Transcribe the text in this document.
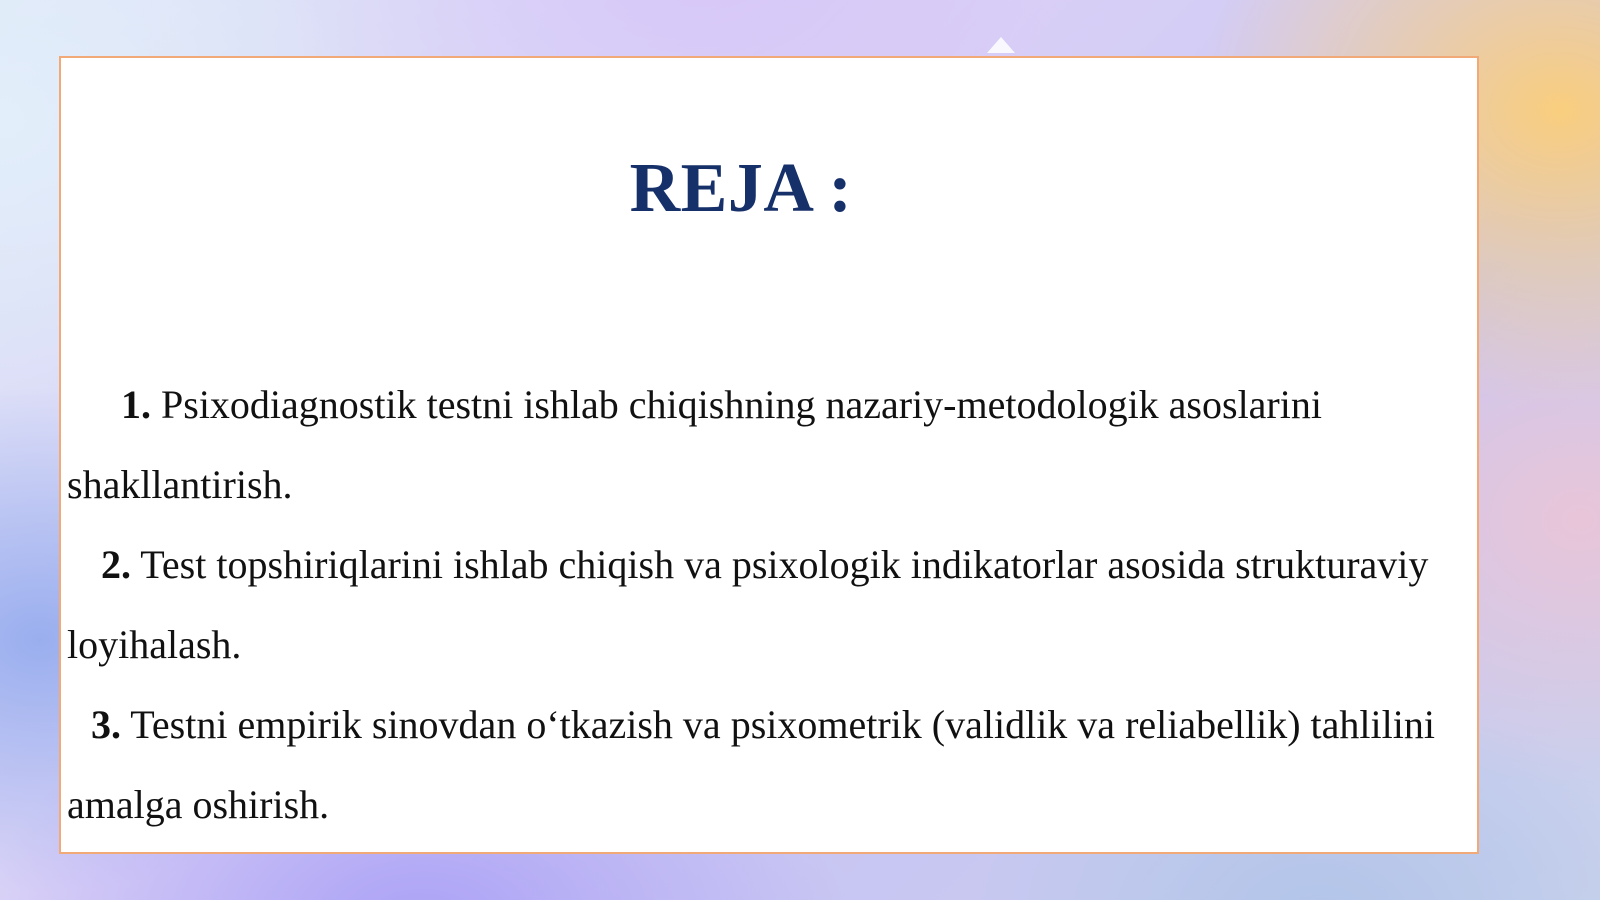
REJA :
1. Psixodiagnostik testni ishlab chiqishning nazariy-metodologik asoslarini shakllantirish.
2. Test topshiriqlarini ishlab chiqish va psixologik indikatorlar asosida strukturaviy loyihalash.
3. Testni empirik sinovdan o‘tkazish va psixometrik (validlik va reliabellik) tahlilini amalga oshirish.
